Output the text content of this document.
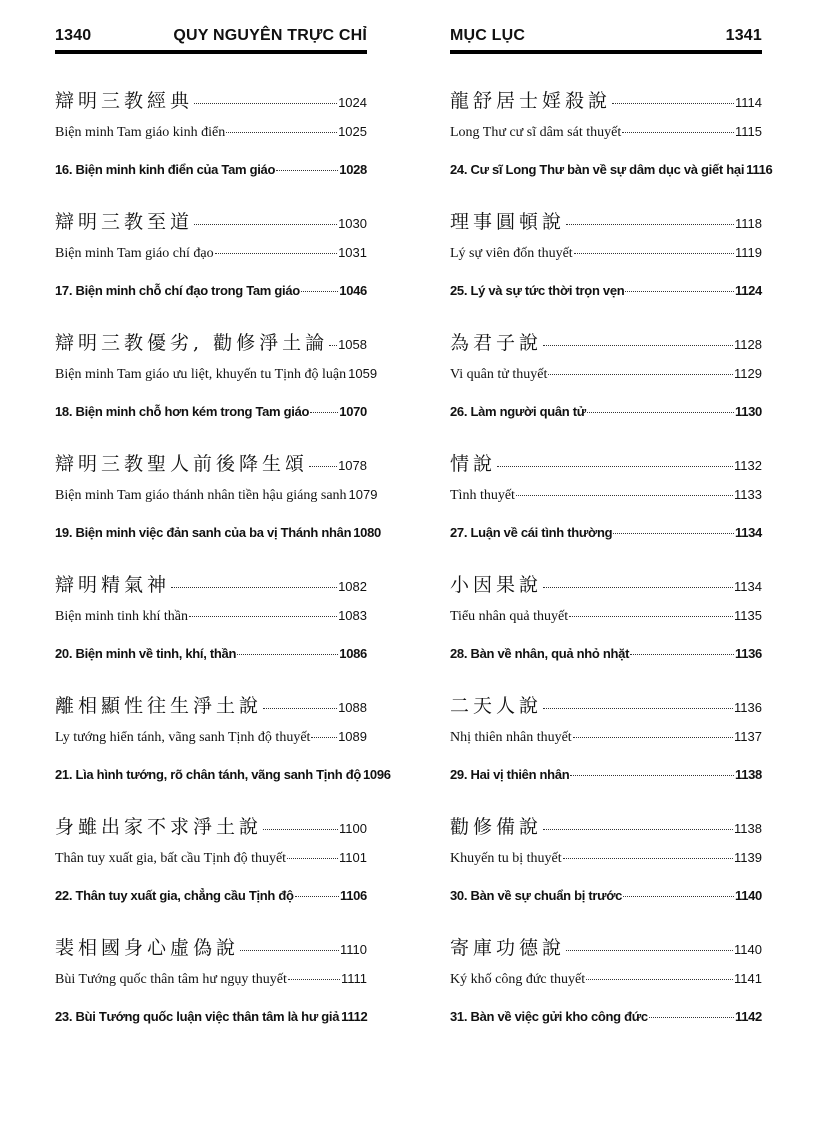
1340	QUY NGUYÊN TRỰC CHỈ
辯明三教經典	1024
Biện minh Tam giáo kinh điển	1025
16. Biện minh kinh điển của Tam giáo	1028
辯明三教至道	1030
Biện minh Tam giáo chí đạo	1031
17. Biện minh chỗ chí đạo trong Tam giáo	1046
辯明三教優劣, 勸修淨土論 1058
Biện minh Tam giáo ưu liệt, khuyến tu Tịnh độ luận 1059
18. Biện minh chỗ hơn kém trong Tam giáo 1070
辯明三教聖人前後降生頌 1078
Biện minh Tam giáo thánh nhân tiền hậu giáng sanh 1079
19. Biện minh việc đản sanh của ba vị Thánh nhân 1080
辯明精氣神	1082
Biện minh tinh khí thần	1083
20. Biện minh về tinh, khí, thần	1086
離相顯性往生淨土說	1088
Ly tướng hiển tánh, vãng sanh Tịnh độ thuyết 1089
21. Lìa hình tướng, rõ chân tánh, vãng sanh Tịnh độ 1096
身雖出家不求淨土說	1100
Thân tuy xuất gia, bất cầu Tịnh độ thuyết	1101
22. Thân tuy xuất gia, chẳng cầu Tịnh độ	1106
裴相國身心虛偽說	1110
Bùi Tướng quốc thân tâm hư ngụy thuyết	1111
23. Bùi Tướng quốc luận việc thân tâm là hư giả 1112
MỤC LỤC	1341
龍舒居士婬殺說	1114
Long Thư cư sĩ dâm sát thuyết	1115
24. Cư sĩ Long Thư bàn về sự dâm dục và giết hại 1116
理事圓頓說	1118
Lý sự viên đốn thuyết	1119
25. Lý và sự tức thời trọn vẹn	1124
為君子說	1128
Vi quân tử thuyết	1129
26. Làm người quân tử	1130
情說	1132
Tình thuyết	1133
27. Luận về cái tình thường	1134
小因果說	1134
Tiểu nhân quả thuyết	1135
28. Bàn về nhân, quả nhỏ nhặt	1136
二天人說	1136
Nhị thiên nhân thuyết	1137
29. Hai vị thiên nhân	1138
勸修備說	1138
Khuyến tu bị thuyết	1139
30. Bàn về sự chuẩn bị trước	1140
寄庫功德說	1140
Ký khố công đức thuyết	1141
31. Bàn về việc gửi kho công đức	1142
